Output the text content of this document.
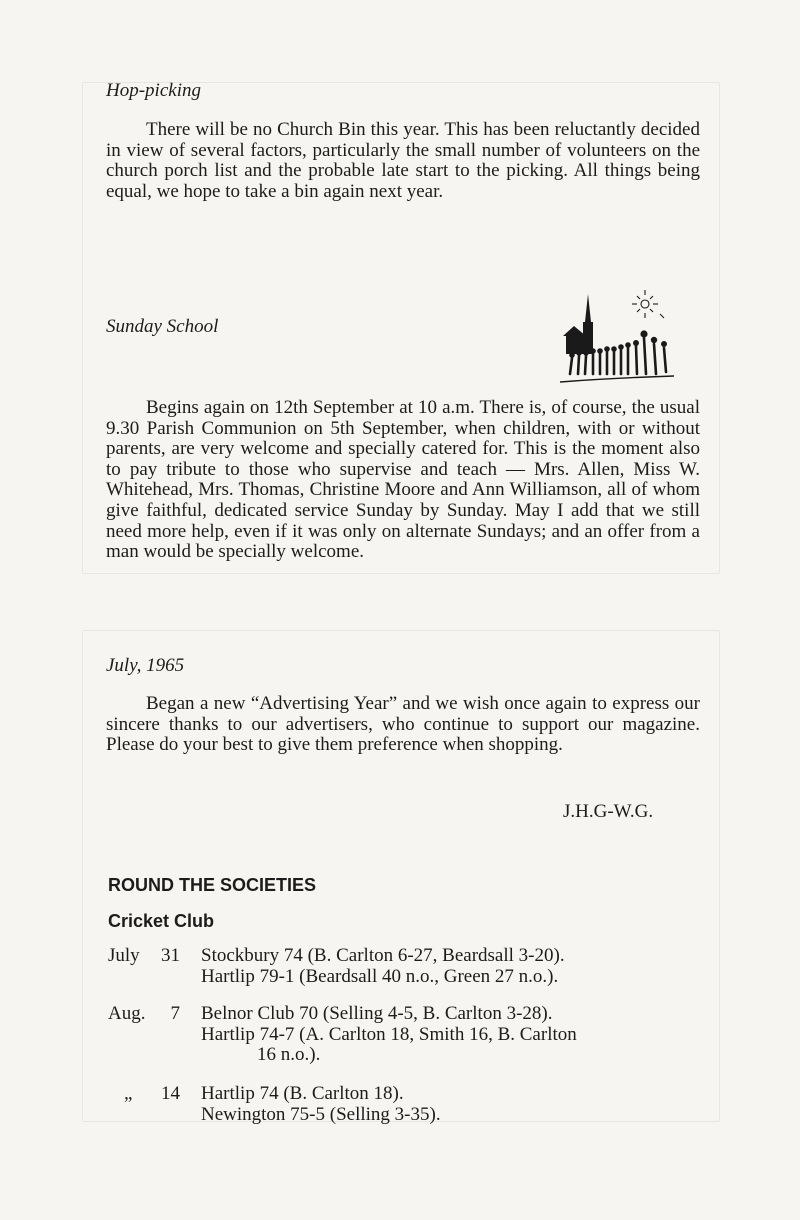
Hop-picking

There will be no Church Bin this year. This has been reluctantly decided in view of several factors, particularly the small number of volunteers on the church porch list and the probable late start to the picking. All things being equal, we hope to take a bin again next year.

Sunday School

Begins again on 12th September at 10 a.m. There is, of course, the usual 9.30 Parish Communion on 5th September, when children, with or without parents, are very welcome and specially catered for. This is the moment also to pay tribute to those who supervise and teach — Mrs. Allen, Miss W. Whitehead, Mrs. Thomas, Christine Moore and Ann Williamson, all of whom give faithful, dedicated service Sunday by Sunday. May I add that we still need more help, even if it was only on alternate Sundays; and an offer from a man would be specially welcome.

July, 1965

Began a new “Advertising Year” and we wish once again to express our sincere thanks to our advertisers, who continue to support our magazine. Please do your best to give them preference when shopping.

J.H.G-W.G.

ROUND THE SOCIETIES

Cricket Club

July	31 Stockbury 74 (B. Carlton 6-27, Beardsall 3-20).
Hartlip 79-1 (Beardsall 40 n.o., Green 27 n.o.).
Aug.	7 Belnor Club 70 (Selling 4-5, B. Carlton 3-28).
Hartlip 74-7 (A. Carlton 18, Smith 16, B. Carlton
16 n.o.).
„	14 Hartlip 74 (B. Carlton 18).
Newington 75-5 (Selling 3-35).
